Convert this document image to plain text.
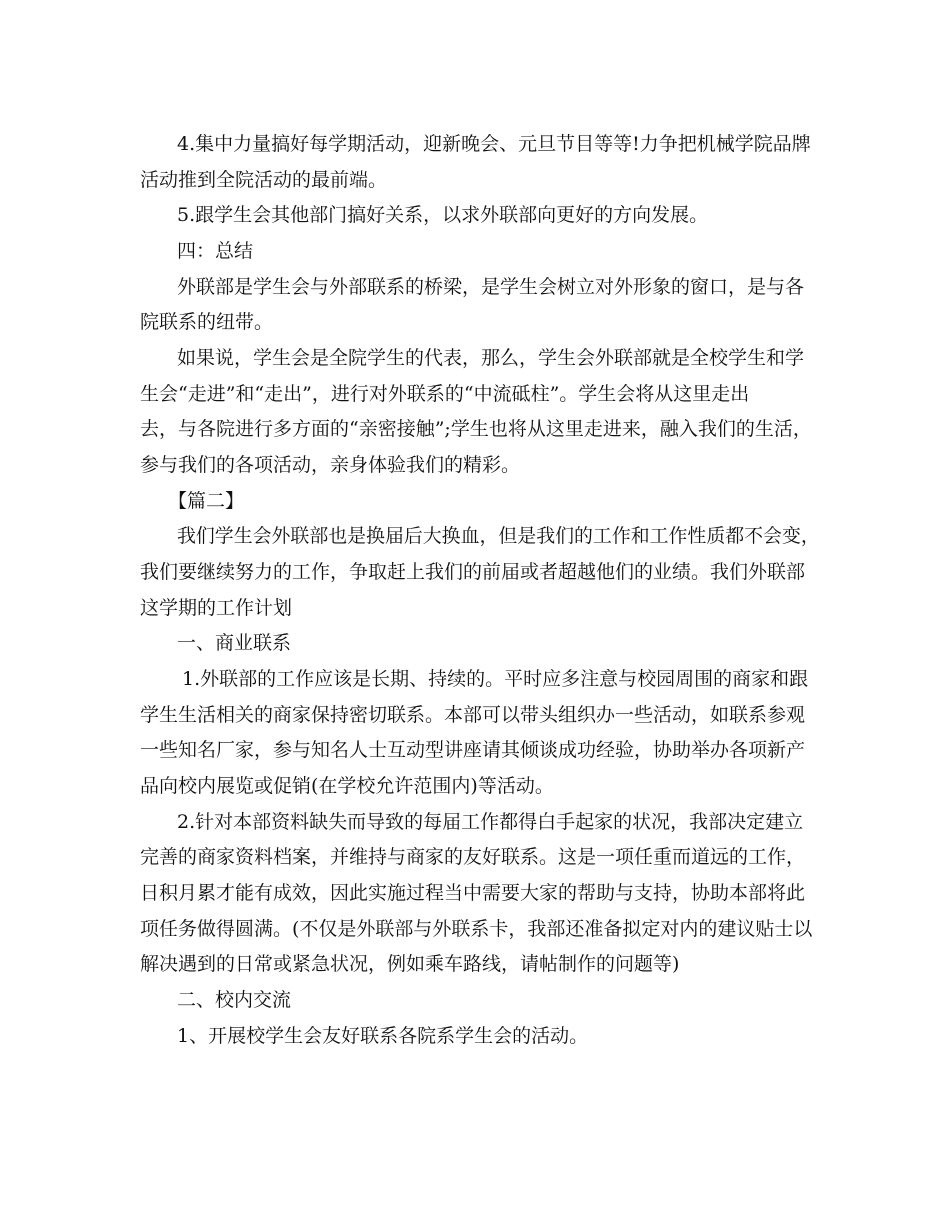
4.集中力量搞好每学期活动，迎新晚会、元旦节目等等!力争把机械学院品牌
活动推到全院活动的最前端。
5.跟学生会其他部门搞好关系，以求外联部向更好的方向发展。
四：总结
外联部是学生会与外部联系的桥梁，是学生会树立对外形象的窗口，是与各
院联系的纽带。
如果说，学生会是全院学生的代表，那么，学生会外联部就是全校学生和学
生会“走进”和“走出”，进行对外联系的“中流砥柱”。学生会将从这里走出
去，与各院进行多方面的“亲密接触”;学生也将从这里走进来，融入我们的生活，
参与我们的各项活动，亲身体验我们的精彩。
【篇二】
我们学生会外联部也是换届后大换血，但是我们的工作和工作性质都不会变，
我们要继续努力的工作，争取赶上我们的前届或者超越他们的业绩。我们外联部
这学期的工作计划
一、商业联系
1.外联部的工作应该是长期、持续的。平时应多注意与校园周围的商家和跟
学生生活相关的商家保持密切联系。本部可以带头组织办一些活动，如联系参观
一些知名厂家，参与知名人士互动型讲座请其倾谈成功经验，协助举办各项新产
品向校内展览或促销(在学校允许范围内)等活动。
2.针对本部资料缺失而导致的每届工作都得白手起家的状况，我部决定建立
完善的商家资料档案，并维持与商家的友好联系。这是一项任重而道远的工作，
日积月累才能有成效，因此实施过程当中需要大家的帮助与支持，协助本部将此
项任务做得圆满。(不仅是外联部与外联系卡，我部还准备拟定对内的建议贴士以
解决遇到的日常或紧急状况，例如乘车路线，请帖制作的问题等)
二、校内交流
1、开展校学生会友好联系各院系学生会的活动。
